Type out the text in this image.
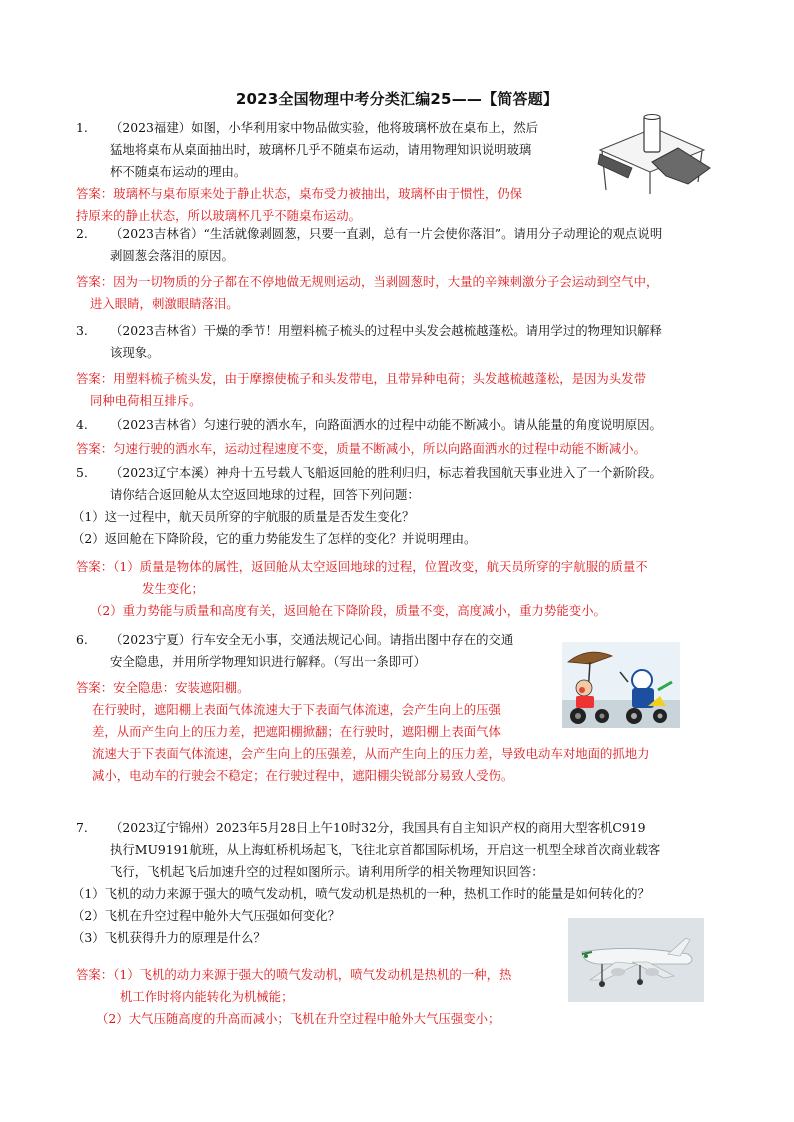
2023全国物理中考分类汇编25——【简答题】
1. （2023福建）如图，小华利用家中物品做实验，他将玻璃杯放在桌布上，然后
猛地将桌布从桌面抽出时，玻璃杯几乎不随桌布运动，请用物理知识说明玻璃
杯不随桌布运动的理由。
答案：玻璃杯与桌布原来处于静止状态，桌布受力被抽出，玻璃杯由于惯性，仍保
持原来的静止状态，所以玻璃杯几乎不随桌布运动。
2. （2023吉林省）“生活就像剥圆葱，只要一直剥，总有一片会使你落泪”。请用分子动理论的观点说明
剥圆葱会落泪的原因。
答案：因为一切物质的分子都在不停地做无规则运动，当剥圆葱时，大量的辛辣刺激分子会运动到空气中，
进入眼睛，刺激眼睛落泪。
3. （2023吉林省）干燥的季节！用塑料梳子梳头的过程中头发会越梳越蓬松。请用学过的物理知识解释
该现象。
答案：用塑料梳子梳头发，由于摩擦使梳子和头发带电，且带异种电荷；头发越梳越蓬松，是因为头发带
同种电荷相互排斥。
4. （2023吉林省）匀速行驶的洒水车，向路面洒水的过程中动能不断减小。请从能量的角度说明原因。
答案：匀速行驶的洒水车，运动过程速度不变，质量不断减小，所以向路面洒水的过程中动能不断减小。
5. （2023辽宁本溪）神舟十五号载人飞船返回舱的胜利归归，标志着我国航天事业进入了一个新阶段。
请你结合返回舱从太空返回地球的过程，回答下列问题：
（1）这一过程中，航天员所穿的宇航服的质量是否发生变化？
（2）返回舱在下降阶段，它的重力势能发生了怎样的变化？并说明理由。
答案：（1）质量是物体的属性，返回舱从太空返回地球的过程，位置改变，航天员所穿的宇航服的质量不
发生变化；
（2）重力势能与质量和高度有关，返回舱在下降阶段，质量不变，高度减小，重力势能变小。
6. （2023宁夏）行车安全无小事，交通法规记心间。请指出图中存在的交通
安全隐患，并用所学物理知识进行解释。（写出一条即可）
答案：安全隐患：安装遮阳棚。
在行驶时，遮阳棚上表面气体流速大于下表面气体流速，会产生向上的压强
差，从而产生向上的压力差，把遮阳棚掀翻；在行驶时，遮阳棚上表面气体
流速大于下表面气体流速，会产生向上的压强差，从而产生向上的压力差，导致电动车对地面的抓地力
减小，电动车的行驶会不稳定；在行驶过程中，遮阳棚尖锐部分易致人受伤。
7. （2023辽宁锦州）2023年5月28日上午10时32分，我国具有自主知识产权的商用大型客机C919
执行MU9191航班，从上海虹桥机场起飞，飞往北京首都国际机场，开启这一机型全球首次商业载客
飞行，飞机起飞后加速升空的过程如图所示。请利用所学的相关物理知识回答：
（1）飞机的动力来源于强大的喷气发动机，喷气发动机是热机的一种，热机工作时的能量是如何转化的？
（2）飞机在升空过程中舱外大气压强如何变化？
（3）飞机获得升力的原理是什么？
答案：（1）飞机的动力来源于强大的喷气发动机，喷气发动机是热机的一种，热
机工作时将内能转化为机械能；
（2）大气压随高度的升高而减小；飞机在升空过程中舱外大气压强变小；
